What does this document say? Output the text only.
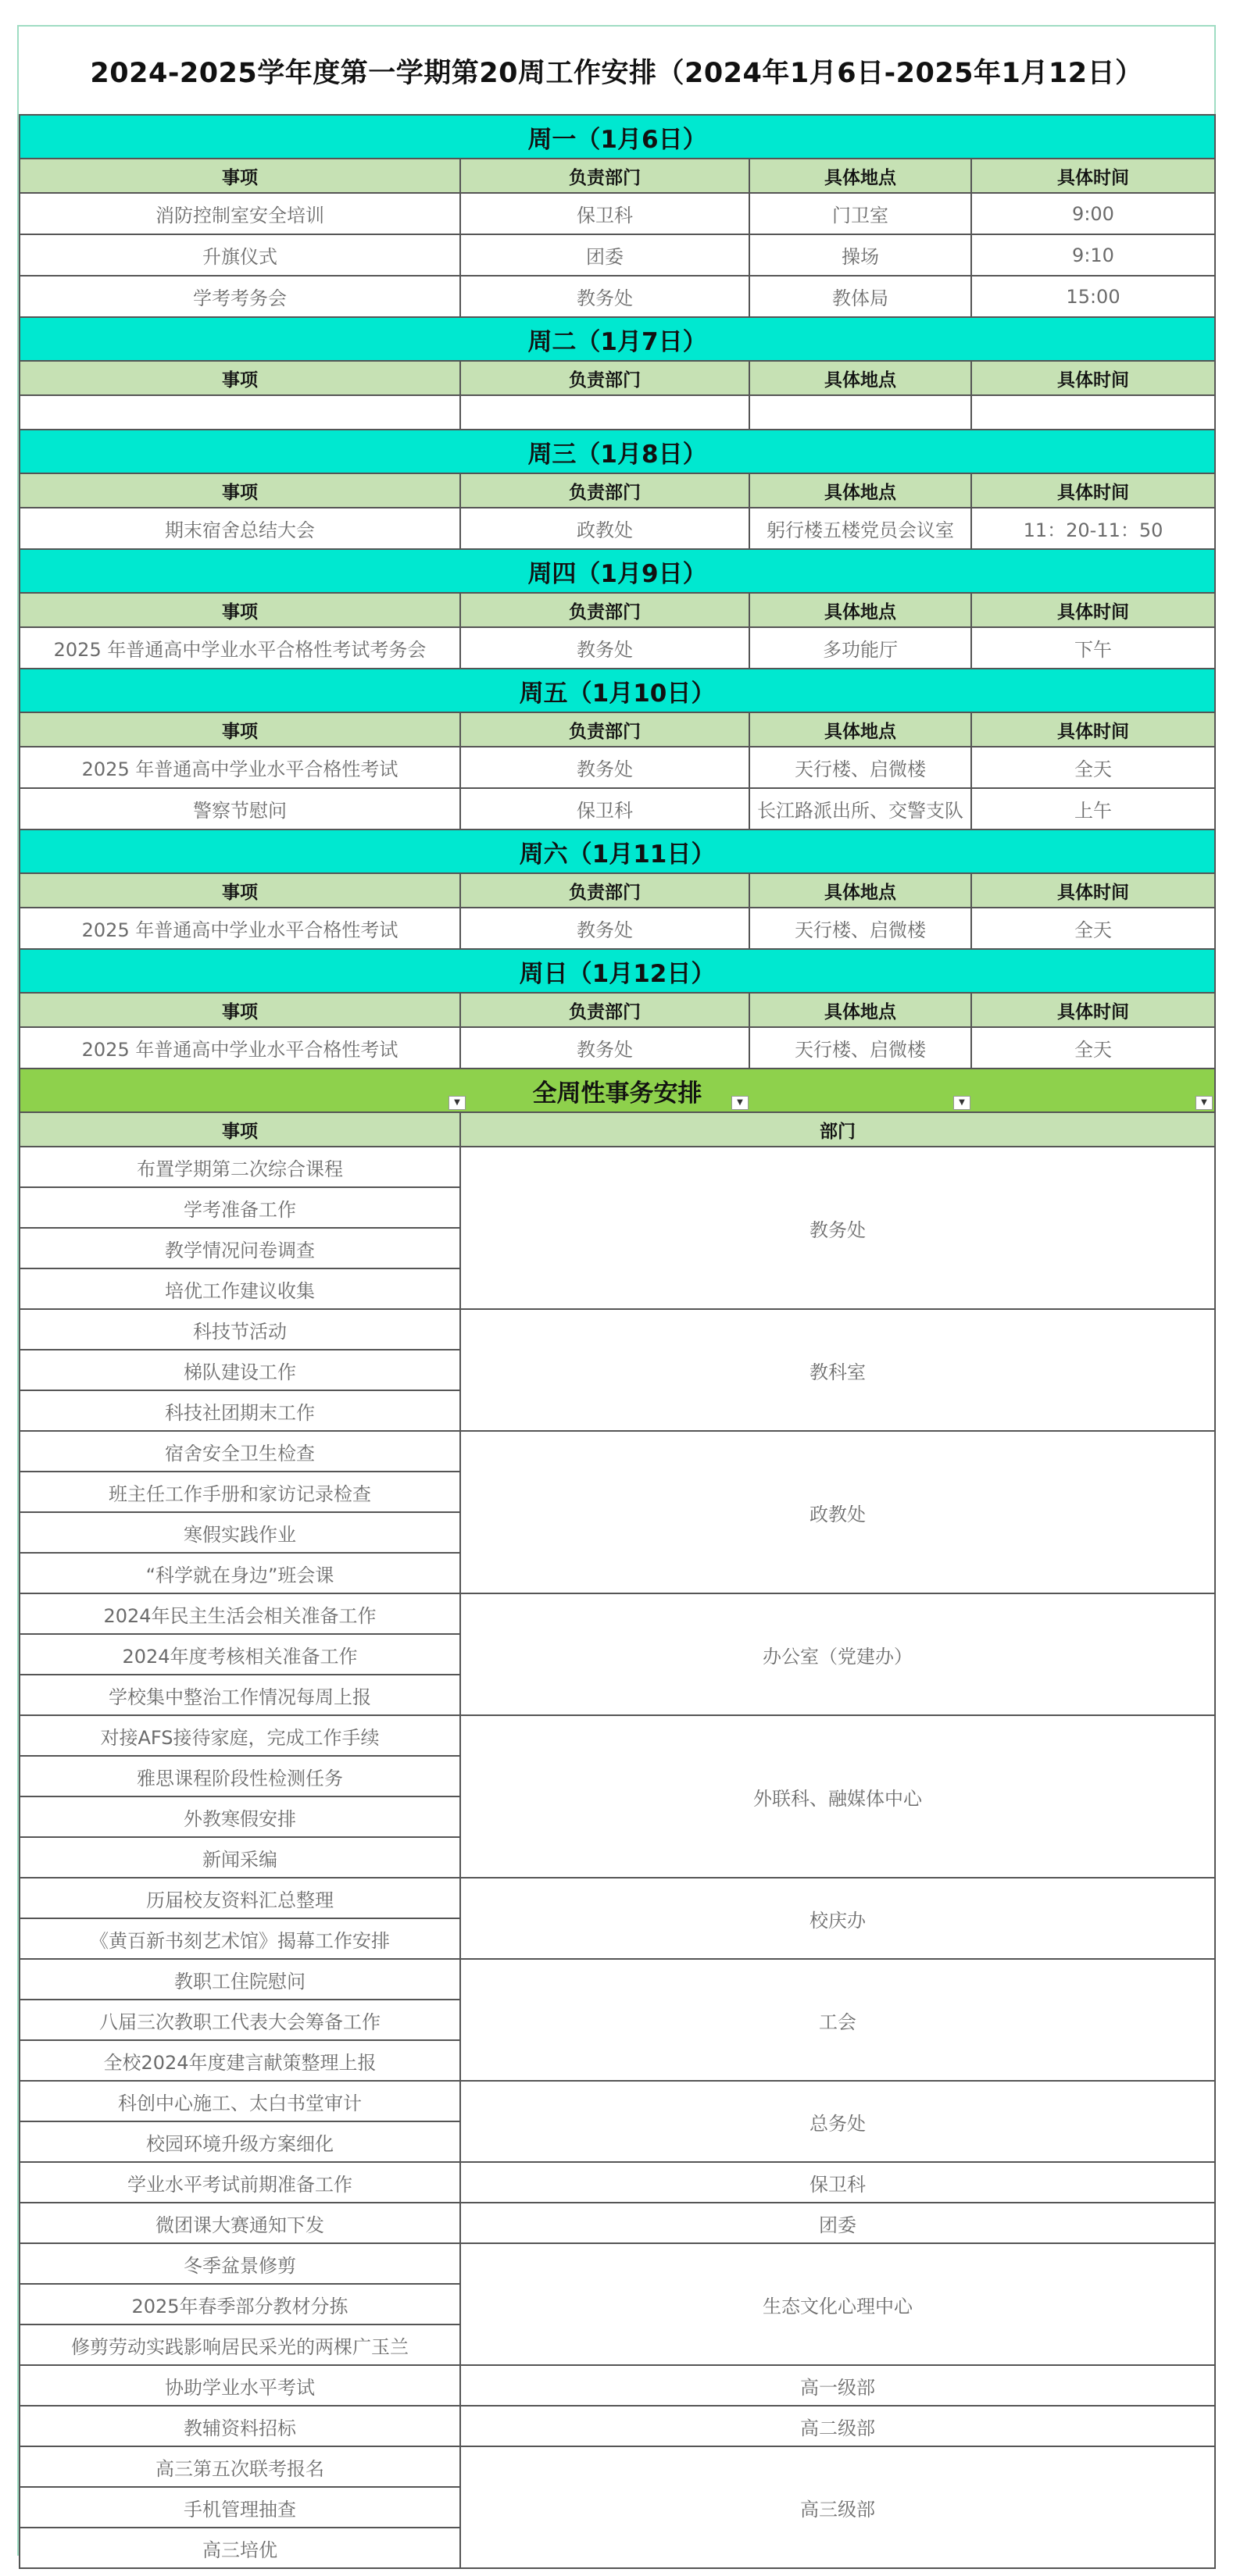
2024-2025学年度第一学期第20周工作安排（2024年1月6日-2025年1月12日）
周一（1月6日）			
事项	负责部门	具体地点	具体时间
消防控制室安全培训	保卫科	门卫室	9:00
升旗仪式	团委	操场	9:10
学考考务会	教务处	教体局	15:00
周二（1月7日）			
事项	负责部门	具体地点	具体时间

周三（1月8日）			
事项	负责部门	具体地点	具体时间
期末宿舍总结大会	政教处	躬行楼五楼党员会议室	11：20-11：50
周四（1月9日）			
事项	负责部门	具体地点	具体时间
2025 年普通高中学业水平合格性考试考务会	教务处	多功能厅	下午
周五（1月10日）			
事项	负责部门	具体地点	具体时间
2025 年普通高中学业水平合格性考试	教务处	天行楼、启微楼	全天
警察节慰问	保卫科	长江路派出所、交警支队	上午
周六（1月11日）			
事项	负责部门	具体地点	具体时间
2025 年普通高中学业水平合格性考试	教务处	天行楼、启微楼	全天
周日（1月12日）			
事项	负责部门	具体地点	具体时间
2025 年普通高中学业水平合格性考试	教务处	天行楼、启微楼	全天
全周性事务安排
▼ ▼ ▼ ▼			

事项	部门		
布置学期第二次综合课程	教务处		
学考准备工作			
教学情况问卷调查			
培优工作建议收集			
科技节活动	教科室		
梯队建设工作			
科技社团期末工作			
宿舍安全卫生检查	政教处		
班主任工作手册和家访记录检查			
寒假实践作业			
“科学就在身边”班会课			
2024年民主生活会相关准备工作	办公室（党建办）		
2024年度考核相关准备工作			
学校集中整治工作情况每周上报			
对接AFS接待家庭，完成工作手续	外联科、融媒体中心		
雅思课程阶段性检测任务			
外教寒假安排			
新闻采编			
历届校友资料汇总整理	校庆办		
《黄百新书刻艺术馆》揭幕工作安排			
教职工住院慰问	工会		
八届三次教职工代表大会筹备工作			
全校2024年度建言献策整理上报			
科创中心施工、太白书堂审计	总务处		
校园环境升级方案细化			
学业水平考试前期准备工作	保卫科		
微团课大赛通知下发	团委		
冬季盆景修剪	生态文化心理中心		
2025年春季部分教材分拣			
修剪劳动实践影响居民采光的两棵广玉兰			
协助学业水平考试	高一级部		
教辅资料招标	高二级部		
高三第五次联考报名	高三级部		
手机管理抽查			
高三培优			
